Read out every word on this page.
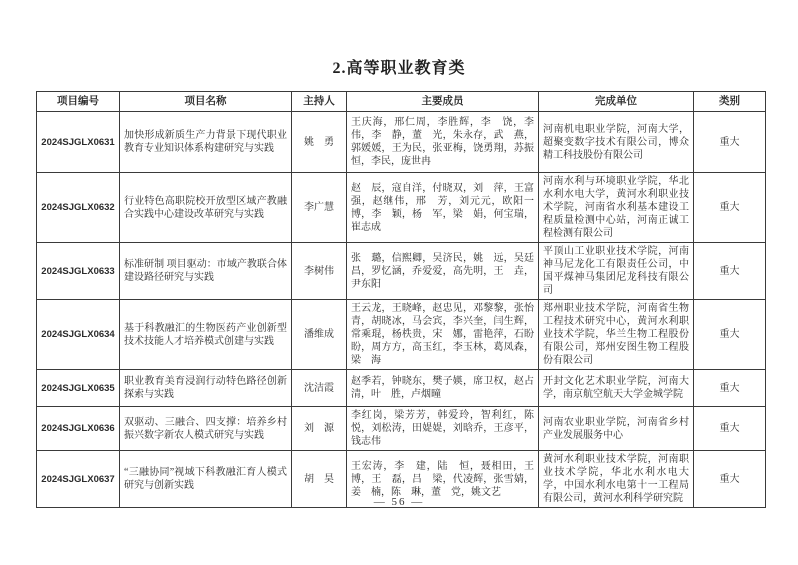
2.高等职业教育类
项目编号	项目名称	主持人	主要成员	完成单位	类别
2024SJGLX0631	加快形成新质生产力背景下现代职业教育专业知识体系构建研究与实践	姚　勇	王庆海，邢仁周，李胜辉，李　饶，李　伟，李　静，董　光，朱永存，武　燕，郭媛媛，王为民，张亚梅，饶勇翔，苏振恒，李民，庞世冉	河南机电职业学院，河南大学，超聚变数字技术有限公司，博众精工科技股份有限公司	重大
2024SJGLX0632	行业特色高职院校开放型区域产教融合实践中心建设改革研究与实践	李广慧	赵　辰，寇自洋，付晓双，刘　萍，王富强，赵继伟，邢　芳，刘元元，欧阳一博，李　颖，杨　军，梁　娟，何宝瑞，崔志成	河南水利与环境职业学院，华北水利水电大学，黄河水利职业技术学院，河南省水利基本建设工程质量检测中心站，河南正诚工程检测有限公司	重大
2024SJGLX0633	标准研制 项目驱动：市域产教联合体建设路径研究与实践	李树伟	张　璐，信熙卿，吴济民，姚　远，吴廷昌，罗忆涵，乔爱爱，高先明，王　垚，尹东阳	平顶山工业职业技术学院，河南神马尼龙化工有限责任公司，中国平煤神马集团尼龙科技有限公司	重大
2024SJGLX0634	基于科教融汇的生物医药产业创新型技术技能人才培养模式创建与实践	潘维成	王云龙，王晓峰，赵忠见，邓黎黎，张怡青，胡晓冰，马会宾，李兴奎，闫生辉，常乘琨，杨柣贵，宋　娜，雷艳萍，石盼盼，周方方，高玉红，李玉林，葛凤森，梁　海	郑州职业技术学院，河南省生物工程技术研究中心，黄河水利职业技术学院，华兰生物工程股份有限公司，郑州安图生物工程股份有限公司	重大
2024SJGLX0635	职业教育美育浸润行动特色路径创新探索与实践	沈洁霞	赵季若，钟晓东，樊子媖，席卫权，赵占清，叶　胜，卢烟曈	开封文化艺术职业学院，河南大学，南京航空航天大学金城学院	重大
2024SJGLX0636	双驱动、三融合、四支撑：培养乡村振兴数字新农人模式研究与实践	刘　源	李红岗，梁芳芳，韩爱玲，智利红，陈　悦，刘松涛，田媞媞，刘晗乔，王彦平，钱志伟	河南农业职业学院，河南省乡村产业发展服务中心	重大
2024SJGLX0637	“三融协同”视域下科教融汇育人模式研究与创新实践	胡　昊	王宏涛，李　建，陆　恒，聂相田，王　博，王　磊，吕　梁，代凌辉，张雪婧，姜　楠，陈　琳，董　党，姚文艺	黄河水利职业技术学院，河南职业技术学院，华北水利水电大学，中国水利水电第十一工程局有限公司，黄河水利科学研究院	重大
— 56 —
